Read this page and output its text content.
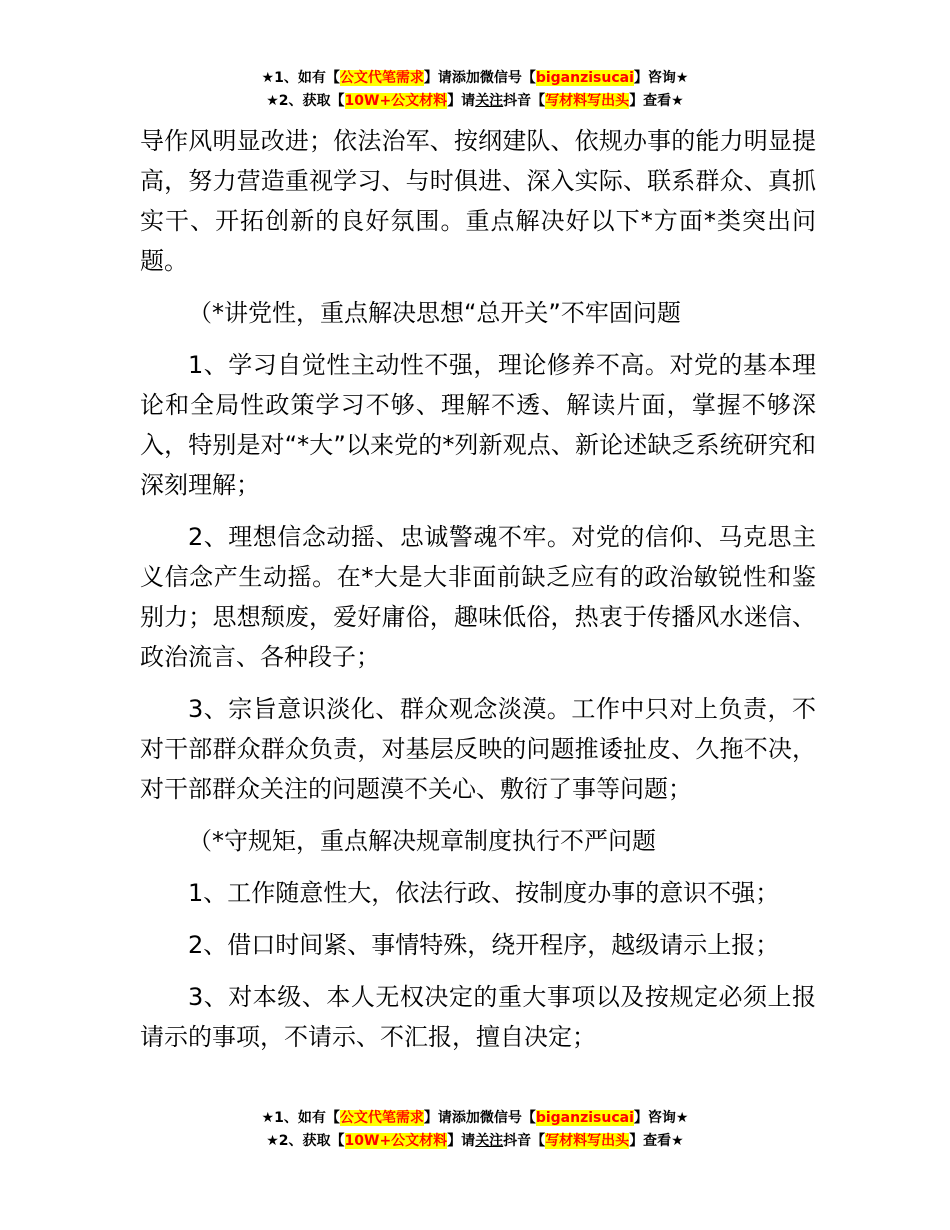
★1、如有【公文代笔需求】请添加微信号【biganzisucai】咨询★
★2、获取【10W+公文材料】请关注抖音【写材料写出头】查看★

导作风明显改进；依法治军、按纲建队、依规办事的能力明显提高，努力营造重视学习、与时俱进、深入实际、联系群众、真抓实干、开拓创新的良好氛围。重点解决好以下*方面*类突出问题。

（*讲党性，重点解决思想“总开关”不牢固问题

1、学习自觉性主动性不强，理论修养不高。对党的基本理论和全局性政策学习不够、理解不透、解读片面，掌握不够深入，特别是对“*大”以来党的*列新观点、新论述缺乏系统研究和深刻理解；

2、理想信念动摇、忠诚警魂不牢。对党的信仰、马克思主义信念产生动摇。在*大是大非面前缺乏应有的政治敏锐性和鉴别力；思想颓废，爱好庸俗，趣味低俗，热衷于传播风水迷信、政治流言、各种段子；

3、宗旨意识淡化、群众观念淡漠。工作中只对上负责，不对干部群众群众负责，对基层反映的问题推诿扯皮、久拖不决，对干部群众关注的问题漠不关心、敷衍了事等问题；

（*守规矩，重点解决规章制度执行不严问题

1、工作随意性大，依法行政、按制度办事的意识不强；

2、借口时间紧、事情特殊，绕开程序，越级请示上报；

3、对本级、本人无权决定的重大事项以及按规定必须上报请示的事项，不请示、不汇报，擅自决定；

★1、如有【公文代笔需求】请添加微信号【biganzisucai】咨询★
★2、获取【10W+公文材料】请关注抖音【写材料写出头】查看★
